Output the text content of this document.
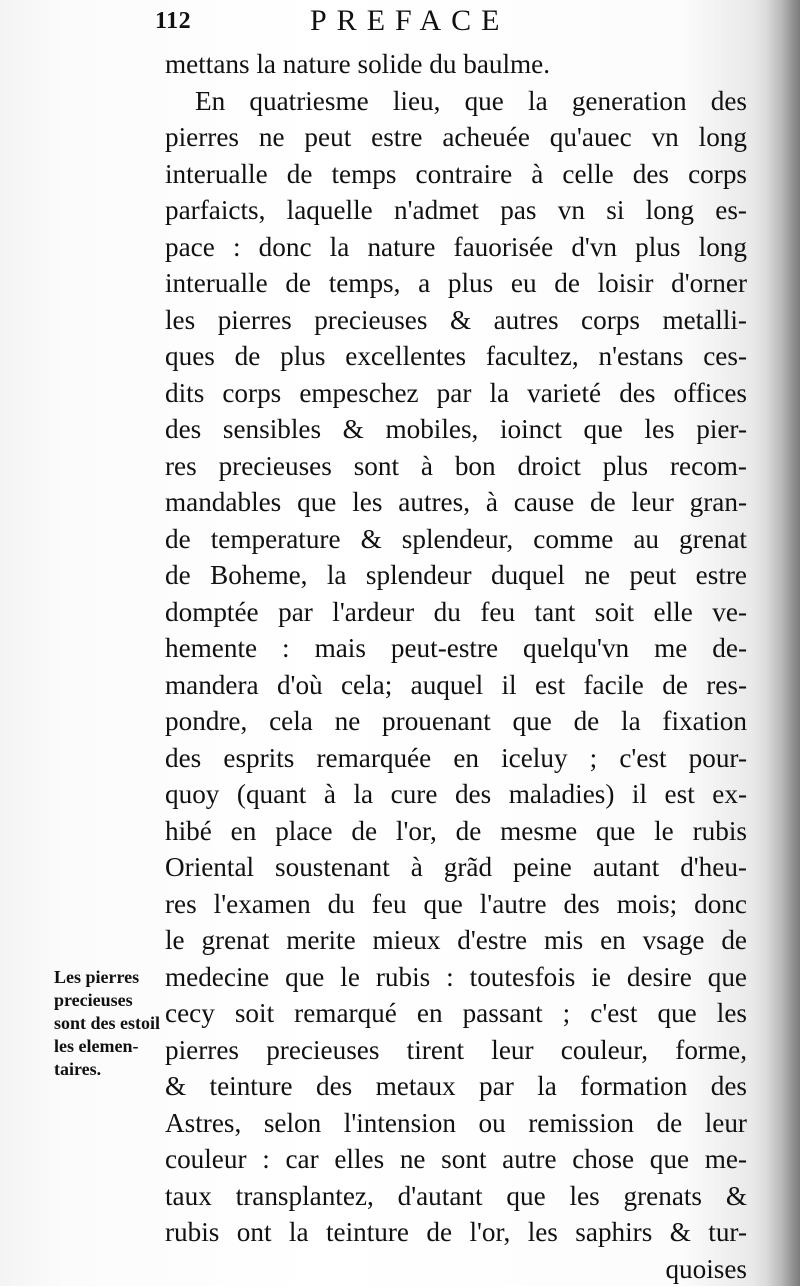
112	PREFACE
mettans la nature solide du baulme.
En quatriesme lieu, que la generation des
pierres ne peut estre acheuée qu'auec vn long
interualle de temps contraire à celle des corps
parfaicts, laquelle n'admet pas vn si long es-
pace : donc la nature fauorisée d'vn plus long
interualle de temps, a plus eu de loisir d'orner
les pierres precieuses & autres corps metalli-
ques de plus excellentes facultez, n'estans ces-
dits corps empeschez par la varieté des offices
des sensibles & mobiles, ioinct que les pier-
res precieuses sont à bon droict plus recom-
mandables que les autres, à cause de leur gran-
de temperature & splendeur, comme au grenat
de Boheme, la splendeur duquel ne peut estre
domptée par l'ardeur du feu tant soit elle ve-
hemente : mais peut-estre quelqu'vn me de-
mandera d'où cela; auquel il est facile de res-
pondre, cela ne prouenant que de la fixation
des esprits remarquée en iceluy ; c'est pour-
quoy (quant à la cure des maladies) il est ex-
hibé en place de l'or, de mesme que le rubis
Oriental soustenant à grãd peine autant d'heu-
res l'examen du feu que l'autre des mois; donc
le grenat merite mieux d'estre mis en vsage de
medecine que le rubis : toutesfois ie desire que
cecy soit remarqué en passant ; c'est que les
pierres precieuses tirent leur couleur, forme,
& teinture des metaux par la formation des
Astres, selon l'intension ou remission de leur
couleur : car elles ne sont autre chose que me-
taux transplantez, d'autant que les grenats &
rubis ont la teinture de l'or, les saphirs & tur-
quoises
Les pierres
precieuses
sont des estoil
les elemen-
taires.
